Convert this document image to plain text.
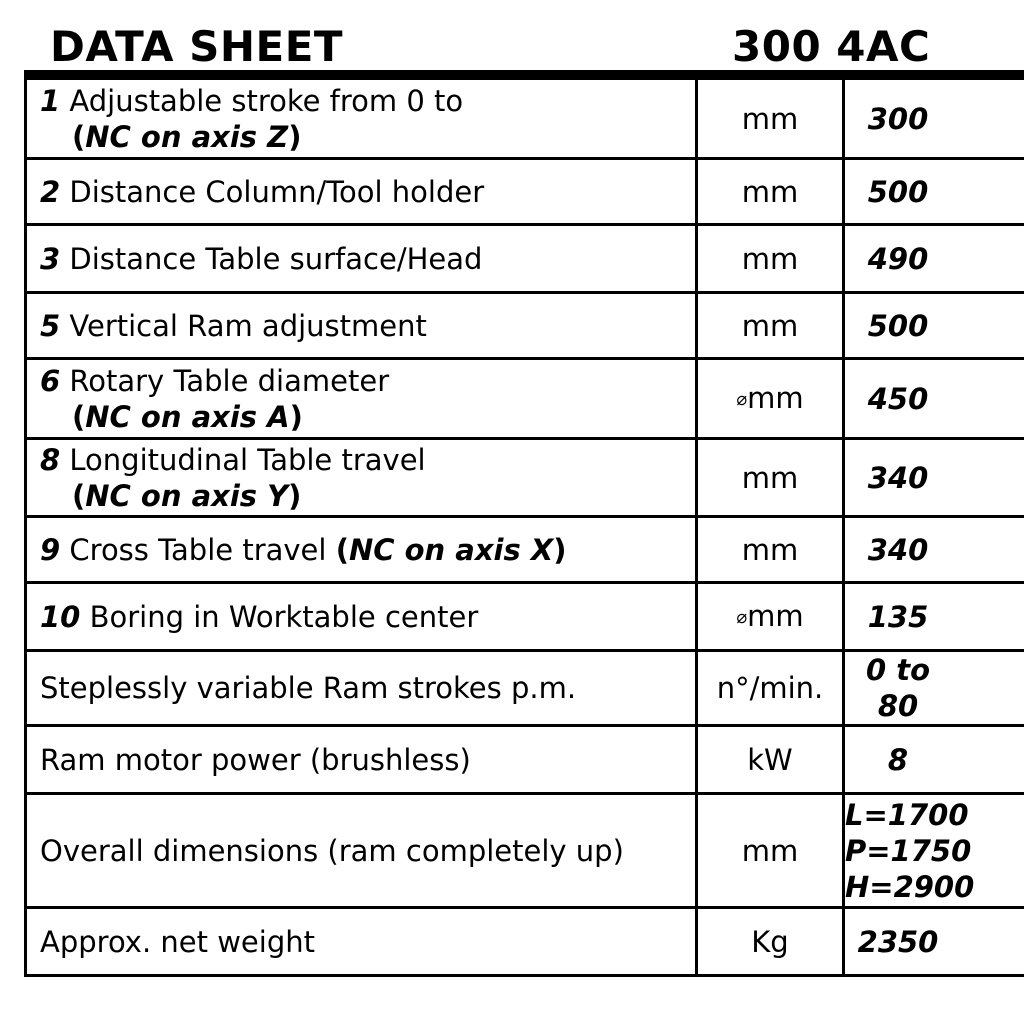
DATA SHEET	300 4AC
1 Adjustable stroke from 0 to
(NC on axis Z)	mm	300
2 Distance Column/Tool holder	mm	500
3 Distance Table surface/Head	mm	490
5 Vertical Ram adjustment	mm	500
6 Rotary Table diameter
(NC on axis A)	⌀mm	450
8 Longitudinal Table travel
(NC on axis Y)	mm	340
9 Cross Table travel (NC on axis X)	mm	340
10 Boring in Worktable center	⌀mm	135
Steplessly variable Ram strokes p.m.	n°/min.	0 to 80
Ram motor power (brushless)	kW	8
Overall dimensions (ram completely up)	mm	L=1700
P=1750
H=2900

Approx. net weight	Kg	2350
